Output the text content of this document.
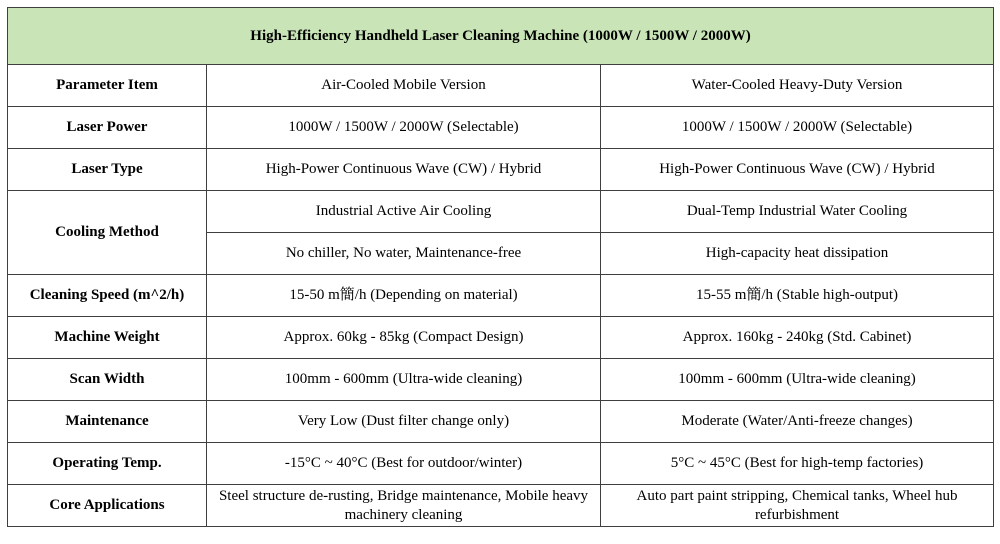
High-Efficiency Handheld Laser Cleaning Machine (1000W / 1500W / 2000W)		
Parameter Item	Air-Cooled Mobile Version	Water-Cooled Heavy-Duty Version
Laser Power	1000W / 1500W / 2000W (Selectable)	1000W / 1500W / 2000W (Selectable)
Laser Type	High-Power Continuous Wave (CW) / Hybrid	High-Power Continuous Wave (CW) / Hybrid
Cooling Method	Industrial Active Air Cooling	Dual-Temp Industrial Water Cooling
	No chiller, No water, Maintenance-free	High-capacity heat dissipation
Cleaning Speed (m^2/h)	15-50 m簡/h (Depending on material)	15-55 m簡/h (Stable high-output)
Machine Weight	Approx. 60kg - 85kg (Compact Design)	Approx. 160kg - 240kg (Std. Cabinet)
Scan Width	100mm - 600mm (Ultra-wide cleaning)	100mm - 600mm (Ultra-wide cleaning)
Maintenance	Very Low (Dust filter change only)	Moderate (Water/Anti-freeze changes)
Operating Temp.	-15°C ~ 40°C (Best for outdoor/winter)	5°C ~ 45°C (Best for high-temp factories)
Core Applications	Steel structure de-rusting, Bridge maintenance, Mobile heavy machinery cleaning	Auto part paint stripping, Chemical tanks, Wheel hub refurbishment
